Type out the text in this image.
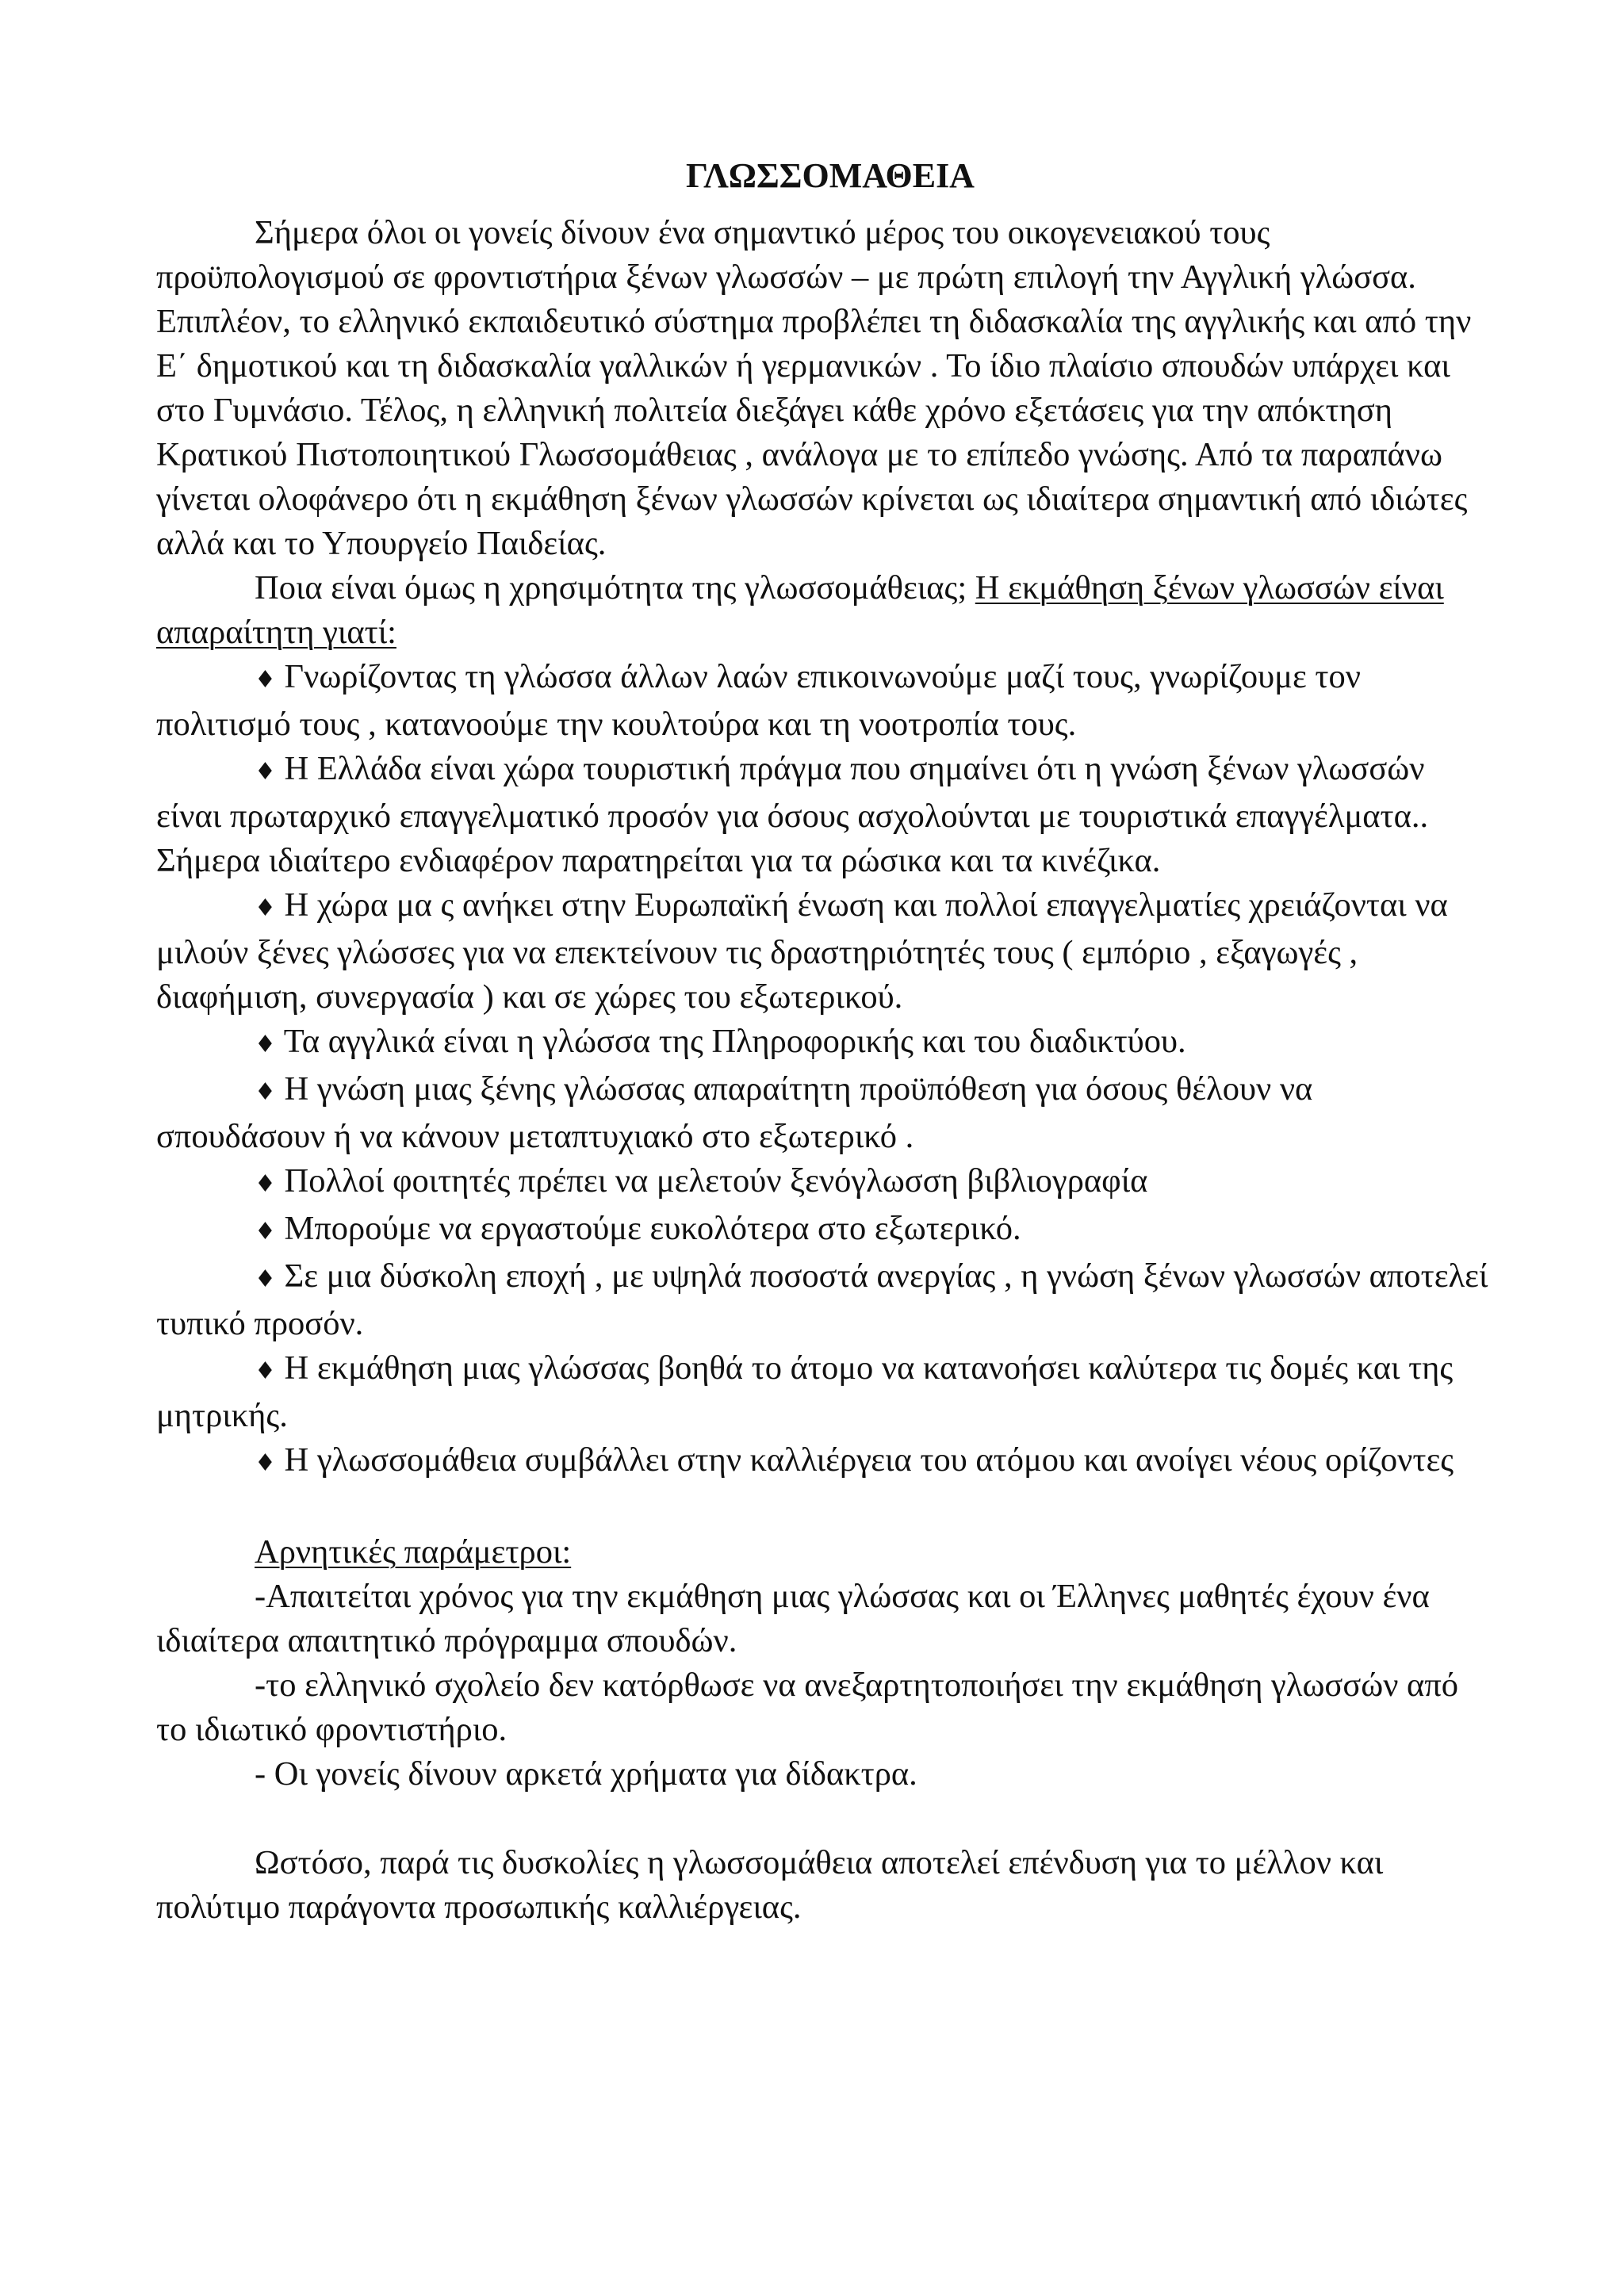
ΓΛΩΣΣΟΜΑΘΕΙΑ

Σήμερα όλοι οι γονείς δίνουν ένα σημαντικό μέρος του οικογενειακού τους προϋπολογισμού σε φροντιστήρια ξένων γλωσσών – με πρώτη επιλογή την Αγγλική γλώσσα. Επιπλέον, το ελληνικό εκπαιδευτικό σύστημα προβλέπει τη διδασκαλία της αγγλικής και από την Ε΄ δημοτικού και τη διδασκαλία γαλλικών ή γερμανικών . Το ίδιο πλαίσιο σπουδών υπάρχει και στο Γυμνάσιο. Τέλος, η ελληνική πολιτεία διεξάγει κάθε χρόνο εξετάσεις για την απόκτηση Κρατικού Πιστοποιητικού Γλωσσομάθειας , ανάλογα με το επίπεδο γνώσης. Από τα παραπάνω γίνεται ολοφάνερο ότι η εκμάθηση ξένων γλωσσών κρίνεται ως ιδιαίτερα σημαντική από ιδιώτες αλλά και το Υπουργείο Παιδείας.

Ποια είναι όμως η χρησιμότητα της γλωσσομάθειας; Η εκμάθηση ξένων γλωσσών είναι απαραίτητη γιατί:

♦ Γνωρίζοντας τη γλώσσα άλλων λαών επικοινωνούμε μαζί τους, γνωρίζουμε τον πολιτισμό τους , κατανοούμε την κουλτούρα και τη νοοτροπία τους.

♦ Η Ελλάδα είναι χώρα τουριστική πράγμα που σημαίνει ότι η γνώση ξένων γλωσσών είναι πρωταρχικό επαγγελματικό προσόν για όσους ασχολούνται με τουριστικά επαγγέλματα.. Σήμερα ιδιαίτερο ενδιαφέρον παρατηρείται για τα ρώσικα και τα κινέζικα.

♦ Η χώρα μα ς ανήκει στην Ευρωπαϊκή ένωση και πολλοί επαγγελματίες χρειάζονται να μιλούν ξένες γλώσσες για να επεκτείνουν τις δραστηριότητές τους ( εμπόριο , εξαγωγές , διαφήμιση, συνεργασία ) και σε χώρες του εξωτερικού.

♦ Τα αγγλικά είναι η γλώσσα της Πληροφορικής και του διαδικτύου.

♦ Η γνώση μιας ξένης γλώσσας απαραίτητη προϋπόθεση για όσους θέλουν να σπουδάσουν ή να κάνουν μεταπτυχιακό στο εξωτερικό .

♦ Πολλοί φοιτητές πρέπει να μελετούν ξενόγλωσση βιβλιογραφία

♦ Μπορούμε να εργαστούμε ευκολότερα στο εξωτερικό.

♦ Σε μια δύσκολη εποχή , με υψηλά ποσοστά ανεργίας , η γνώση ξένων γλωσσών αποτελεί τυπικό προσόν.

♦ Η εκμάθηση μιας γλώσσας βοηθά το άτομο να κατανοήσει καλύτερα τις δομές και της μητρικής.

♦ Η γλωσσομάθεια συμβάλλει στην καλλιέργεια του ατόμου και ανοίγει νέους ορίζοντες

Αρνητικές παράμετροι:

-Απαιτείται χρόνος για την εκμάθηση μιας γλώσσας και οι Έλληνες μαθητές έχουν ένα ιδιαίτερα απαιτητικό πρόγραμμα σπουδών.

-το ελληνικό σχολείο δεν κατόρθωσε να ανεξαρτητοποιήσει την εκμάθηση γλωσσών από το ιδιωτικό φροντιστήριο.

- Οι γονείς δίνουν αρκετά χρήματα για δίδακτρα.

Ωστόσο, παρά τις δυσκολίες η γλωσσομάθεια αποτελεί επένδυση για το μέλλον και πολύτιμο παράγοντα προσωπικής καλλιέργειας.
